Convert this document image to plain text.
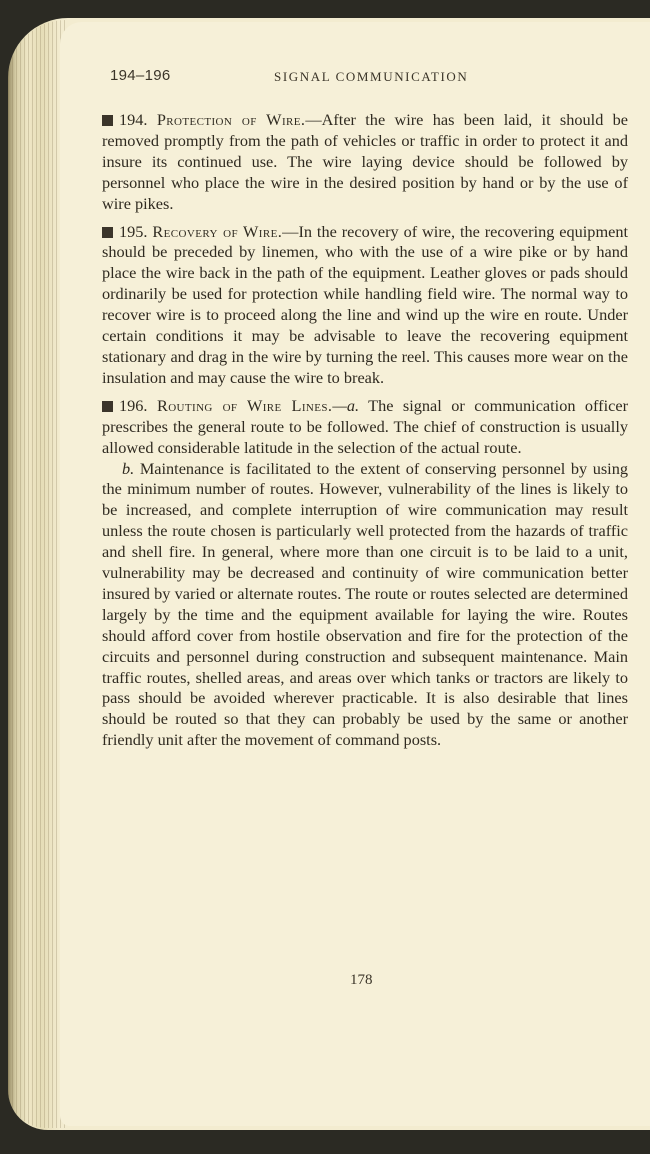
194–196	SIGNAL COMMUNICATION

194. Protection of Wire.—After the wire has been laid, it should be removed promptly from the path of vehicles or traffic in order to protect it and insure its continued use. The wire laying device should be followed by personnel who place the wire in the desired position by hand or by the use of wire pikes.

195. Recovery of Wire.—In the recovery of wire, the recovering equipment should be preceded by linemen, who with the use of a wire pike or by hand place the wire back in the path of the equipment. Leather gloves or pads should ordinarily be used for protection while handling field wire. The normal way to recover wire is to proceed along the line and wind up the wire en route. Under certain conditions it may be advisable to leave the recovering equipment stationary and drag in the wire by turning the reel. This causes more wear on the insulation and may cause the wire to break.

196. Routing of Wire Lines.—a. The signal or communication officer prescribes the general route to be followed. The chief of construction is usually allowed considerable latitude in the selection of the actual route.

b. Maintenance is facilitated to the extent of conserving personnel by using the minimum number of routes. However, vulnerability of the lines is likely to be increased, and complete interruption of wire communication may result unless the route chosen is particularly well protected from the hazards of traffic and shell fire. In general, where more than one circuit is to be laid to a unit, vulnerability may be decreased and continuity of wire communication better insured by varied or alternate routes. The route or routes selected are determined largely by the time and the equipment available for laying the wire. Routes should afford cover from hostile observation and fire for the protection of the circuits and personnel during construction and subsequent maintenance. Main traffic routes, shelled areas, and areas over which tanks or tractors are likely to pass should be avoided wherever practicable. It is also desirable that lines should be routed so that they can probably be used by the same or another friendly unit after the movement of command posts.

178
